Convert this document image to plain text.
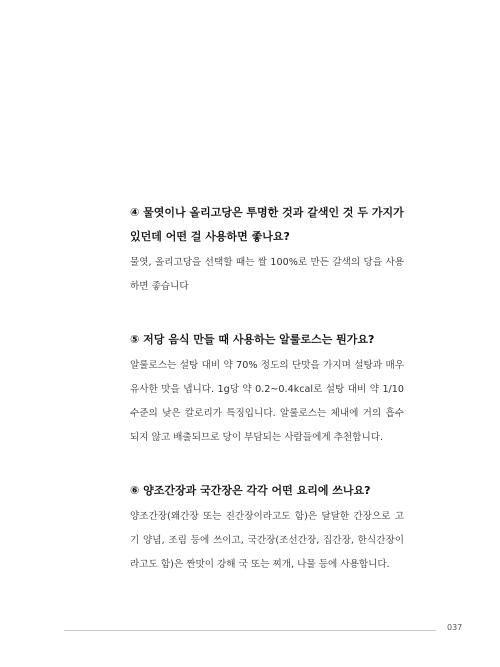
④ 물엿이나 올리고당은 투명한 것과 갈색인 것 두 가지가 있던데 어떤 걸 사용하면 좋나요?

물엿, 올리고당을 선택할 때는 쌀 100%로 만든 갈색의 당을 사용하면 좋습니다

⑤ 저당 음식 만들 때 사용하는 알룰로스는 뭔가요?

알룰로스는 설탕 대비 약 70% 정도의 단맛을 가지며 설탕과 매우 유사한 맛을 냅니다. 1g당 약 0.2~0.4kcal로 설탕 대비 약 1/10 수준의 낮은 칼로리가 특징입니다. 알룰로스는 체내에 거의 흡수되지 않고 배출되므로 당이 부담되는 사람들에게 추천합니다.

⑥ 양조간장과 국간장은 각각 어떤 요리에 쓰나요?

양조간장(왜간장 또는 진간장이라고도 함)은 달달한 간장으로 고기 양념, 조림 등에 쓰이고, 국간장(조선간장, 집간장, 한식간장이라고도 함)은 짠맛이 강해 국 또는 찌개, 나물 등에 사용합니다.

037
